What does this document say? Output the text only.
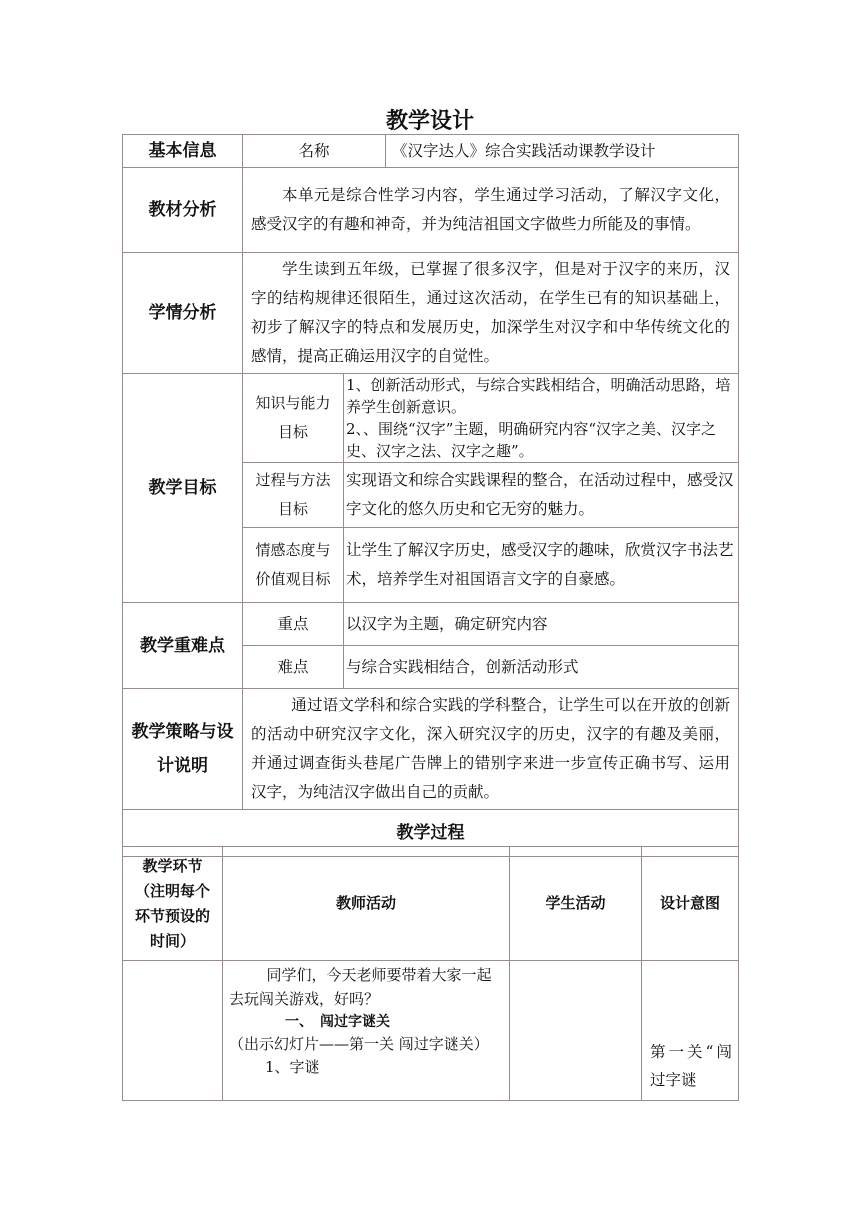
教学设计
基本信息	名称		《汉字达人》综合实践活动课教学设计
教材分析	本单元是综合性学习内容，学生通过学习活动，了解汉字文化，感受汉字的有趣和神奇，并为纯洁祖国文字做些力所能及的事情。		
学情分析	学生读到五年级，已掌握了很多汉字，但是对于汉字的来历，汉字的结构规律还很陌生，通过这次活动，在学生已有的知识基础上，初步了解汉字的特点和发展历史，加深学生对汉字和中华传统文化的感情，提高正确运用汉字的自觉性。		
教学目标	知识与能力目标	1、创新活动形式，与综合实践相结合，明确活动思路，培养学生创新意识。
2、、围绕“汉字”主题，明确研究内容“汉字之美、汉字之史、汉字之法、汉字之趣”。	

	过程与方法目标	实现语文和综合实践课程的整合，在活动过程中，感受汉字文化的悠久历史和它无穷的魅力。	
	情感态度与价值观目标	让学生了解汉字历史，感受汉字的趣味，欣赏汉字书法艺术，培养学生对祖国语言文字的自豪感。	
教学重难点	重点	以汉字为主题，确定研究内容	
	难点	与综合实践相结合，创新活动形式	
教学策略与设计说明	通过语文学科和综合实践的学科整合，让学生可以在开放的创新的活动中研究汉字文化，深入研究汉字的历史，汉字的有趣及美丽，并通过调查街头巷尾广告牌上的错别字来进一步宣传正确书写、运用汉字，为纯洁汉字做出自己的贡献。		
教学过程			
教学环节（注明每个环节预设的时间）	教师活动	学生活动	设计意图

	同学们，今天老师要带着大家一起去玩闯关游戏，好吗？
一、　闯过字谜关
（出示幻灯片——第一关 闯过字谜关）
1、字谜		第一关“闯过字谜
